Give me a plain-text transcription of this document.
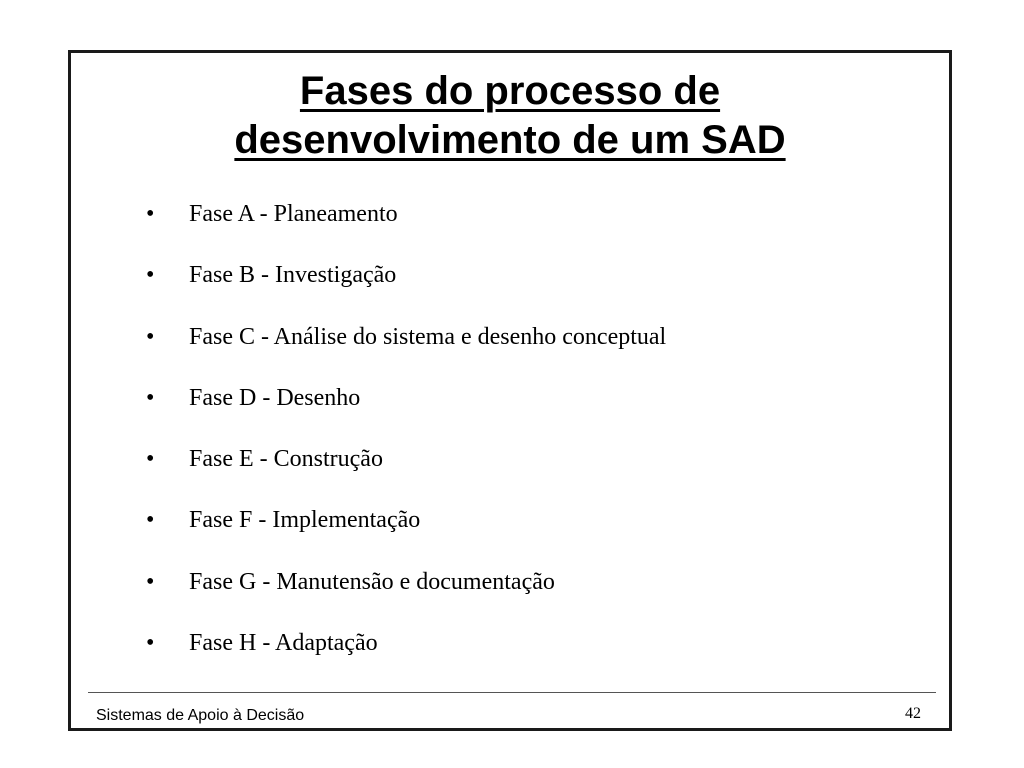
Fases do processo de
desenvolvimento de um SAD
•	Fase A - Planeamento
•	Fase B - Investigação
•	Fase C - Análise do sistema e desenho conceptual
•	Fase D - Desenho
•	Fase E - Construção
•	Fase F - Implementação
•	Fase G - Manutensão e documentação
•	Fase H - Adaptação
Sistemas de Apoio à Decisão	42
